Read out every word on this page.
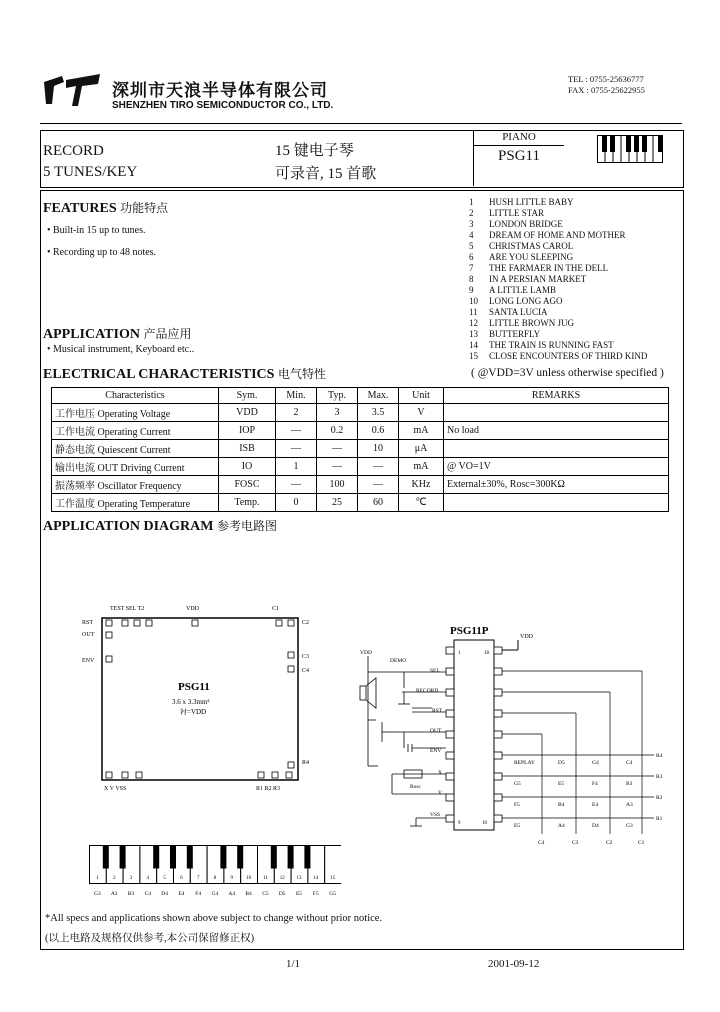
深圳市天浪半导体有限公司
SHENZHEN TIRO SEMICONDUCTOR CO., LTD.
TEL : 0755-25636777
FAX : 0755-25622955
RECORD
5 TUNES/KEY
15 键电子琴
可录音, 15 首歌
PIANO
PSG11
FEATURES 功能特点
• Built-in 15 up to tunes.
• Recording up to 48 notes.
1	HUSH LITTLE BABY
2	LITTLE STAR
3	LONDON BRIDGE
4	DREAM OF HOME AND MOTHER
5	CHRISTMAS CAROL
6	ARE YOU SLEEPING
7	THE FARMAER IN THE DELL
8	IN A PERSIAN MARKET
9	A LITTLE LAMB
10	LONG LONG AGO
11	SANTA LUCIA
12	LITTLE BROWN JUG
13	BUTTERFLY
14	THE TRAIN IS RUNNING FAST
15	CLOSE ENCOUNTERS OF THIRD KIND
APPLICATION 产品应用
• Musical instrument, Keyboard etc..
ELECTRICAL CHARACTERISTICS 电气特性	( @VDD=3V unless otherwise specified )
Characteristics	Sym.	Min.	Typ.	Max.	Unit	REMARKS
工作电压 Operating Voltage	VDD	2	3	3.5	V	
工作电流 Operating Current	IOP	—	0.2	0.6	mA	No load
静态电流 Quiescent Current	ISB	—	—	10	μA	
输出电流 OUT Driving Current	IO	1	—	—	mA	@ VO=1V
振荡频率 Oscillator Frequency	FOSC	—	100	—	KHz	External±30%, Rosc=300KΩ
工作温度 Operating Temperature	Temp.	0	25	60	℃	
APPLICATION DIAGRAM 参考电路图
1
G3
2
A3
3
B3
4
C4
5
D4
6
E4
7
F4
8
G4
9
A4
10
B4
11
C5
12
D5
13
E5
14
F5
15
G5
*All specs and applications shown above subject to change without prior notice.
(以上电路及规格仅供参考,本公司保留修正权)
TEST SEL T2	VDD	C1
RST
OUT
ENV
C2
C3
C4
R4
X V VSS	R1 R2 R3
PSG11
3.6 x 3.3mm²
衬=VDD
PSG11P
1	18
9	10
VDD
DEMO
SEL
RECORD
RST
OUT
ENV
X
V
VSS
VDD
Rosc
REPLAY	D5	G4	C4
G5	E5	F4	B3
F5	B4	E4	A3
E5	A4	D4	G3
R4
R3
R2
R1
C4	C3	C2	C1
1/1	2001-09-12
